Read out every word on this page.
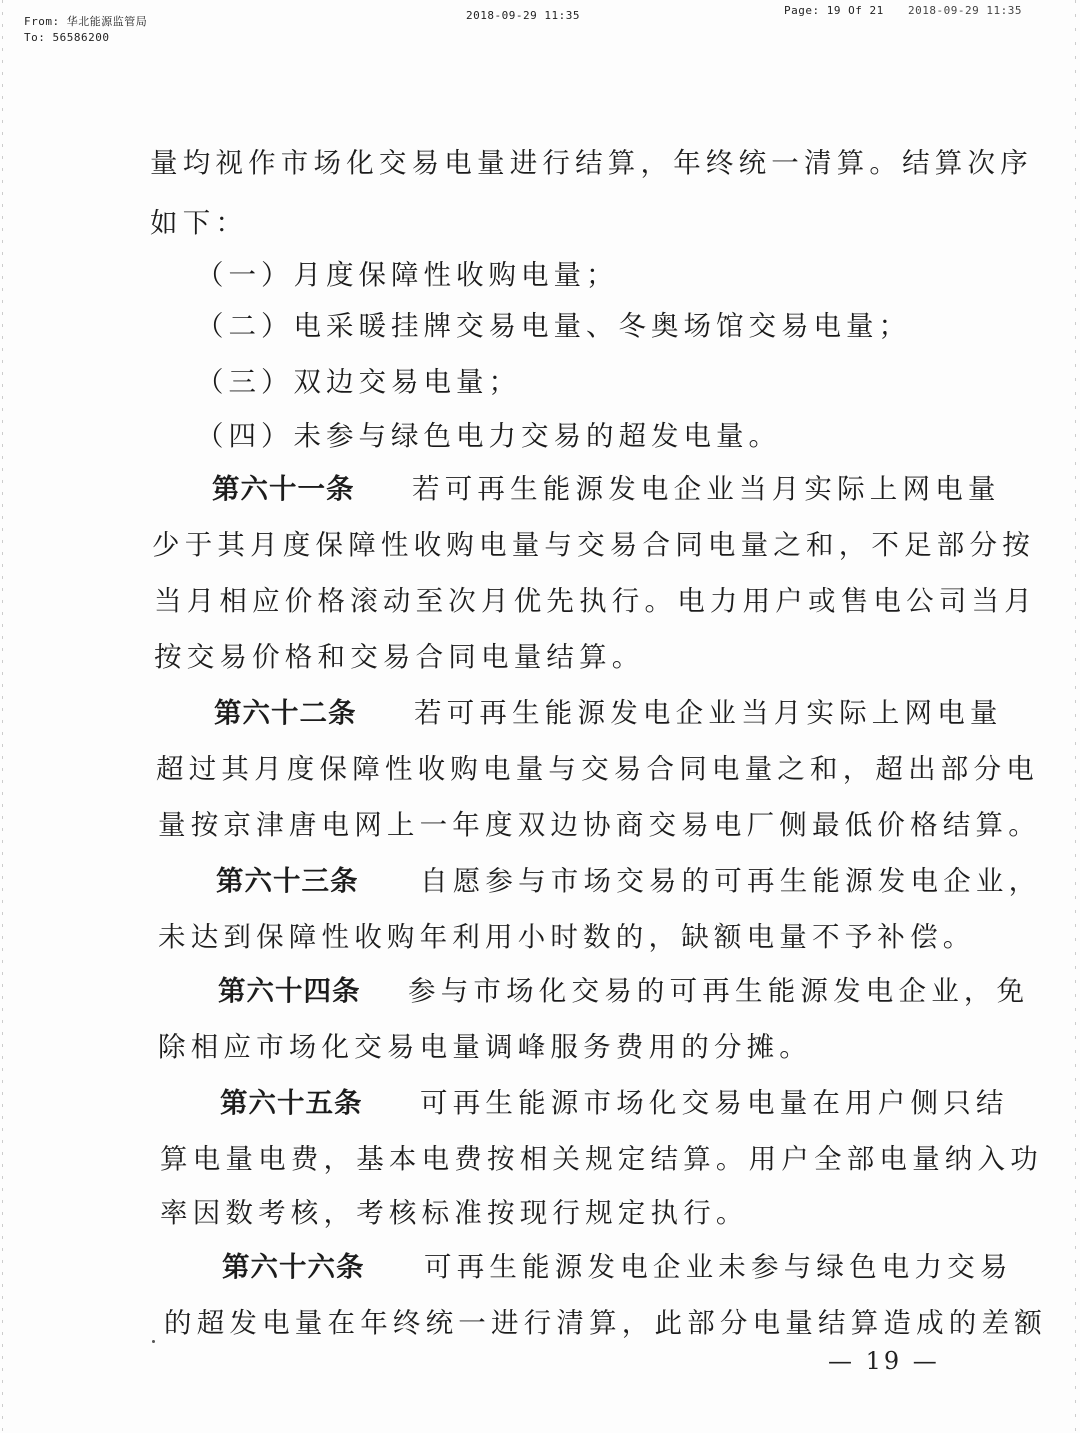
From: 华北能源监管局
To: 56586200
2018-09-29 11:35	Page: 19 Of 21 2018-09-29 11:35
量均视作市场化交易电量进行结算，年终统一清算。结算次序
如下：
（一）月度保障性收购电量；
（二）电采暖挂牌交易电量、冬奥场馆交易电量；
（三）双边交易电量；
（四）未参与绿色电力交易的超发电量。
第六十一条 若可再生能源发电企业当月实际上网电量
少于其月度保障性收购电量与交易合同电量之和，不足部分按
当月相应价格滚动至次月优先执行。电力用户或售电公司当月
按交易价格和交易合同电量结算。
第六十二条 若可再生能源发电企业当月实际上网电量
超过其月度保障性收购电量与交易合同电量之和，超出部分电
量按京津唐电网上一年度双边协商交易电厂侧最低价格结算。
第六十三条 自愿参与市场交易的可再生能源发电企业，
未达到保障性收购年利用小时数的，缺额电量不予补偿。
第六十四条 参与市场化交易的可再生能源发电企业，免
除相应市场化交易电量调峰服务费用的分摊。
第六十五条 可再生能源市场化交易电量在用户侧只结
算电量电费，基本电费按相关规定结算。用户全部电量纳入功
率因数考核，考核标准按现行规定执行。
第六十六条 可再生能源发电企业未参与绿色电力交易
的超发电量在年终统一进行清算，此部分电量结算造成的差额
— 19 —
